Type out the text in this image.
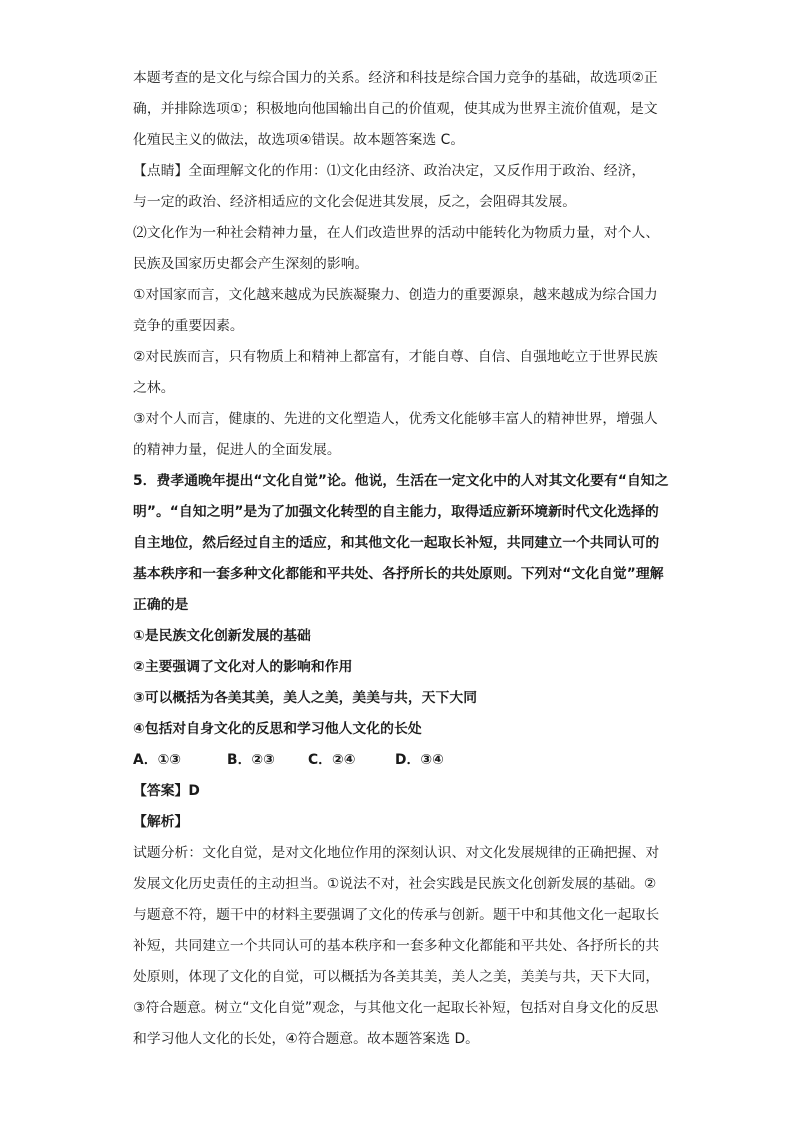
本题考查的是文化与综合国力的关系。经济和科技是综合国力竞争的基础，故选项②正
确，并排除选项①；积极地向他国输出自己的价值观，使其成为世界主流价值观，是文
化殖民主义的做法，故选项④错误。故本题答案选 C。
【点睛】全面理解文化的作用：⑴文化由经济、政治决定，又反作用于政治、经济，
与一定的政治、经济相适应的文化会促进其发展，反之，会阻碍其发展。
⑵文化作为一种社会精神力量，在人们改造世界的活动中能转化为物质力量，对个人、
民族及国家历史都会产生深刻的影响。
①对国家而言，文化越来越成为民族凝聚力、创造力的重要源泉，越来越成为综合国力
竞争的重要因素。
②对民族而言，只有物质上和精神上都富有，才能自尊、自信、自强地屹立于世界民族
之林。
③对个人而言，健康的、先进的文化塑造人，优秀文化能够丰富人的精神世界，增强人
的精神力量，促进人的全面发展。
5．费孝通晚年提出“文化自觉”论。他说，生活在一定文化中的人对其文化要有“自知之
明”。“自知之明”是为了加强文化转型的自主能力，取得适应新环境新时代文化选择的
自主地位，然后经过自主的适应，和其他文化一起取长补短，共同建立一个共同认可的
基本秩序和一套多种文化都能和平共处、各抒所长的共处原则。下列对“文化自觉”理解
正确的是
①是民族文化创新发展的基础
②主要强调了文化对人的影响和作用
③可以概括为各美其美，美人之美，美美与共，天下大同
④包括对自身文化的反思和学习他人文化的长处
A．①③	B．②③	C．②④	D．③④
【答案】D
【解析】
试题分析：文化自觉，是对文化地位作用的深刻认识、对文化发展规律的正确把握、对
发展文化历史责任的主动担当。①说法不对，社会实践是民族文化创新发展的基础。②
与题意不符，题干中的材料主要强调了文化的传承与创新。题干中和其他文化一起取长
补短，共同建立一个共同认可的基本秩序和一套多种文化都能和平共处、各抒所长的共
处原则，体现了文化的自觉，可以概括为各美其美，美人之美，美美与共，天下大同，
③符合题意。树立“文化自觉”观念，与其他文化一起取长补短，包括对自身文化的反思
和学习他人文化的长处，④符合题意。故本题答案选 D。
